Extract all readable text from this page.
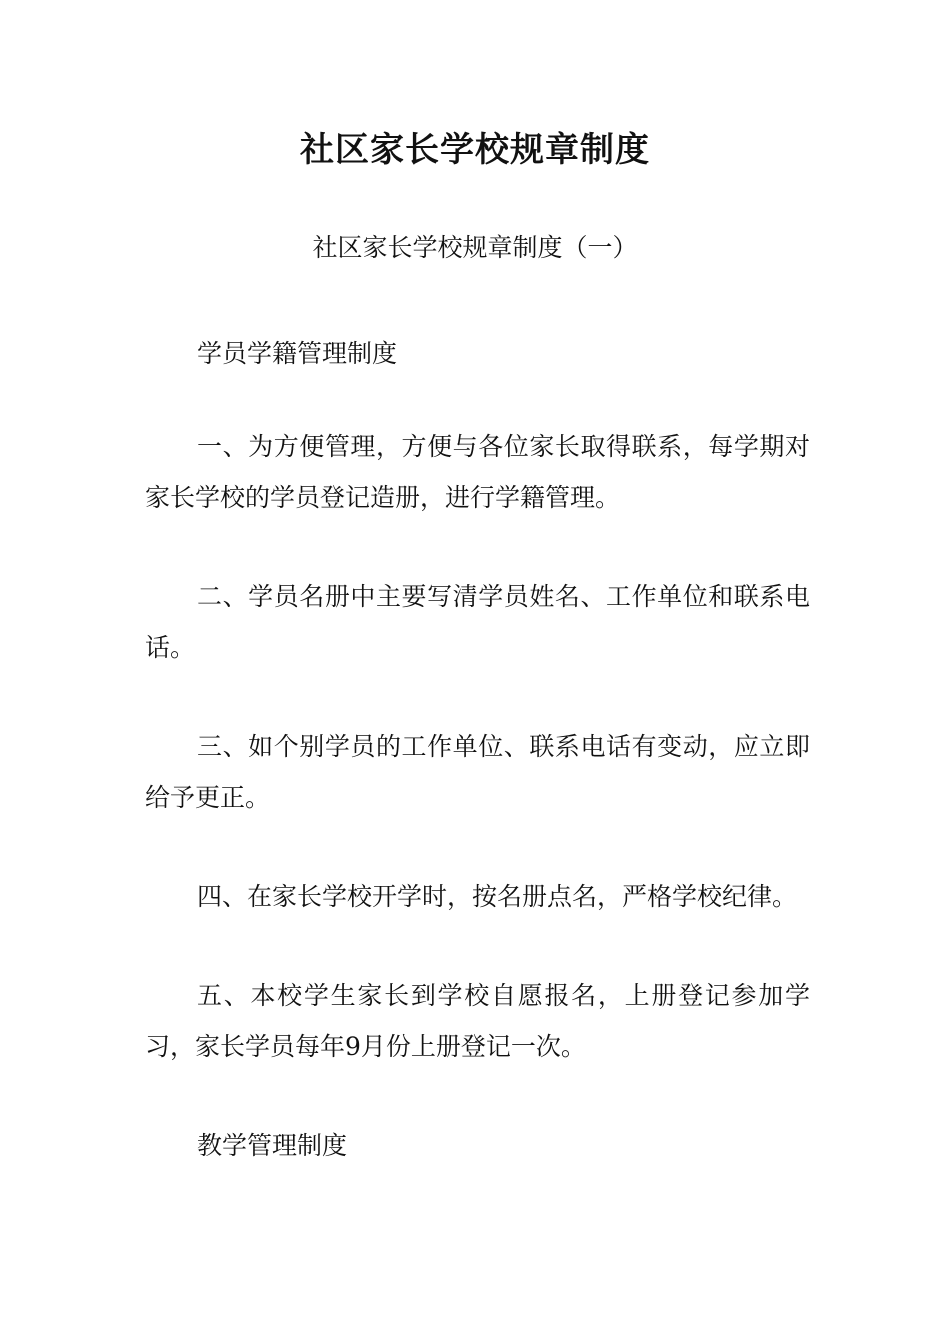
社区家长学校规章制度

社区家长学校规章制度（一）

学员学籍管理制度

一、为方便管理，方便与各位家长取得联系，每学期对家长学校的学员登记造册，进行学籍管理。

二、学员名册中主要写清学员姓名、工作单位和联系电话。

三、如个别学员的工作单位、联系电话有变动，应立即给予更正。

四、在家长学校开学时，按名册点名，严格学校纪律。

五、本校学生家长到学校自愿报名，上册登记参加学习，家长学员每年9月份上册登记一次。

教学管理制度
